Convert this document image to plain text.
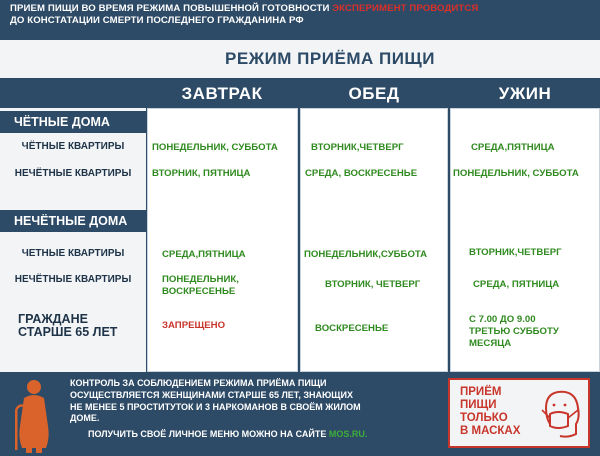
ПРИЕМ ПИЩИ ВО ВРЕМЯ РЕЖИМА ПОВЫШЕННОЙ ГОТОВНОСТИ ЭКСПЕРИМЕНТ ПРОВОДИТСЯ
ДО КОНСТАТАЦИИ СМЕРТИ ПОСЛЕДНЕГО ГРАЖДАНИНА РФ
РЕЖИМ ПРИЁМА ПИЩИ
ЗАВТРАК	ОБЕД	УЖИН
ЧЁТНЫЕ ДОМА
ЧЁТНЫЕ КВАРТИРЫ
НЕЧЁТНЫЕ КВАРТИРЫ
НЕЧЁТНЫЕ ДОМА
ЧЕТНЫЕ КВАРТИРЫ
НЕЧЁТНЫЕ КВАРТИРЫ
ГРАЖДАНЕ
СТАРШЕ 65 ЛЕТ
ПОНЕДЕЛЬНИК, СУББОТА
ВТОРНИК, ПЯТНИЦА
СРЕДА,ПЯТНИЦА
ПОНЕДЕЛЬНИК,
ВОСКРЕСЕНЬЕ
ЗАПРЕЩЕНО
ВТОРНИК,ЧЕТВЕРГ
СРЕДА, ВОСКРЕСЕНЬЕ
ПОНЕДЕЛЬНИК,СУББОТА
ВТОРНИК, ЧЕТВЕРГ
ВОСКРЕСЕНЬЕ
СРЕДА,ПЯТНИЦА
ПОНЕДЕЛЬНИК, СУББОТА
ВТОРНИК,ЧЕТВЕРГ
СРЕДА, ПЯТНИЦА
С 7.00 ДО 9.00
ТРЕТЬЮ СУББОТУ
МЕСЯЦА
КОНТРОЛЬ ЗА СОБЛЮДЕНИЕМ РЕЖИМА ПРИЁМА ПИЩИ
ОСУЩЕСТВЛЯЕТСЯ ЖЕНЩИНАМИ СТАРШЕ 65 ЛЕТ, ЗНАЮЩИХ
НЕ МЕНЕЕ 5 ПРОСТИТУТОК И 3 НАРКОМАНОВ В СВОЁМ ЖИЛОМ
ДОМЕ.
ПОЛУЧИТЬ СВОЁ ЛИЧНОЕ МЕНЮ МОЖНО НА САЙТЕ MOS.RU.
ПРИЁМ
ПИЩИ
ТОЛЬКО
В МАСКАХ
